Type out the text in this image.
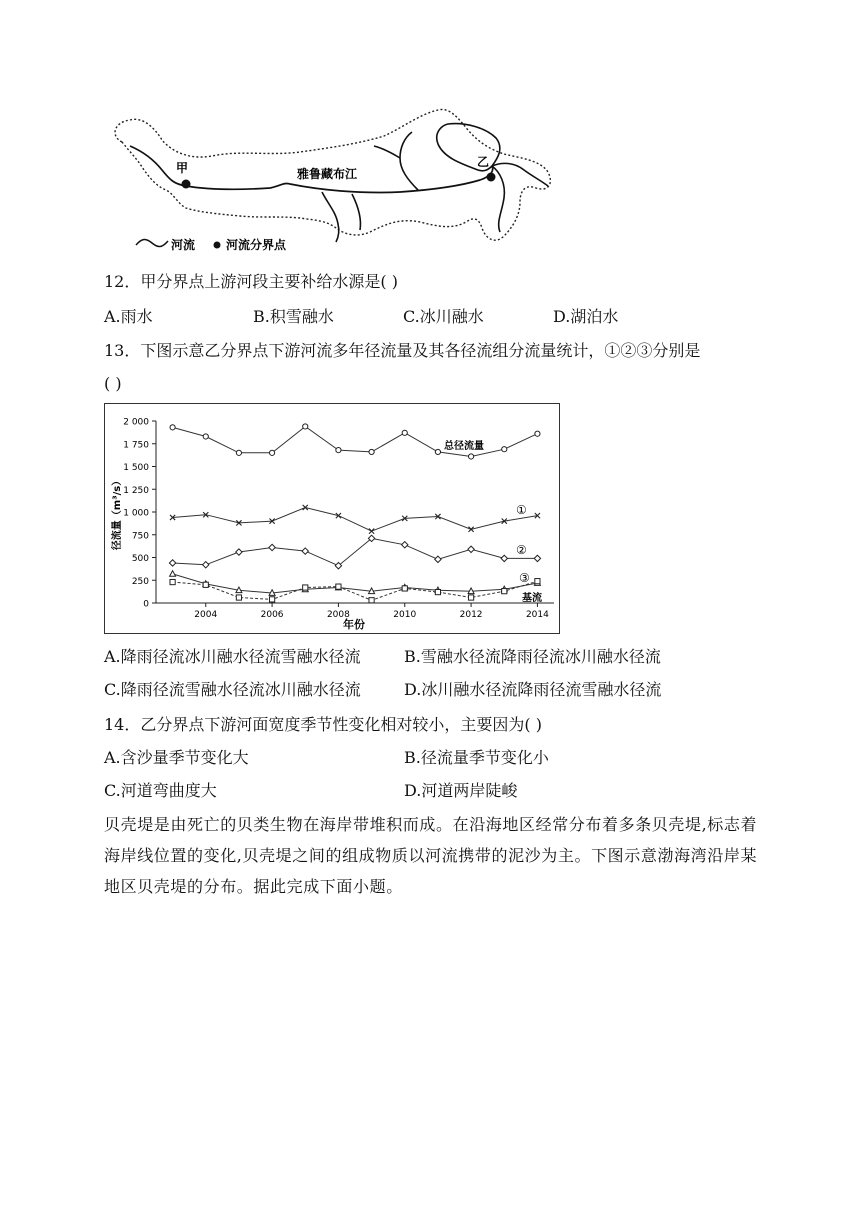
甲	乙
雅鲁藏布江
河流	河流分界点
12．甲分界点上游河段主要补给水源是( )
A.雨水	B.积雪融水	C.冰川融水	D.湖泊水
13．下图示意乙分界点下游河流多年径流量及其各径流组分流量统计，①②③分别是
( )
径流量（m³/s）
年份
0
250
500
750
1 000
1 250
1 500
1 750
2 000
2004	2006	2008	2010	2012	2014
总径流量
①
②
③
基流
A.降雨径流冰川融水径流雪融水径流	B.雪融水径流降雨径流冰川融水径流
C.降雨径流雪融水径流冰川融水径流	D.冰川融水径流降雨径流雪融水径流
14．乙分界点下游河面宽度季节性变化相对较小，主要因为( )
A.含沙量季节变化大	B.径流量季节变化小
C.河道弯曲度大	D.河道两岸陡峻
贝壳堤是由死亡的贝类生物在海岸带堆积而成。在沿海地区经常分布着多条贝壳堤,标志着海岸线位置的变化,贝壳堤之间的组成物质以河流携带的泥沙为主。下图示意渤海湾沿岸某地区贝壳堤的分布。据此完成下面小题。
